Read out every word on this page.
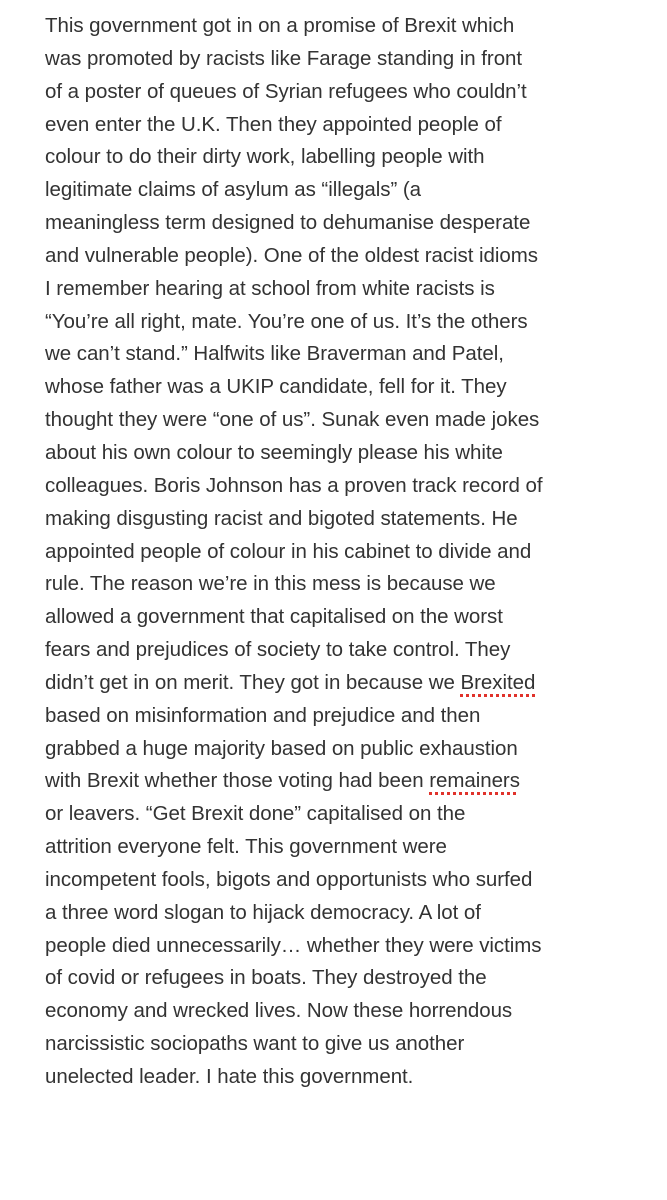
This government got in on a promise of Brexit which
was promoted by racists like Farage standing in front
of a poster of queues of Syrian refugees who couldn’t
even enter the U.K. Then they appointed people of
colour to do their dirty work, labelling people with
legitimate claims of asylum as “illegals” (a
meaningless term designed to dehumanise desperate
and vulnerable people). One of the oldest racist idioms
I remember hearing at school from white racists is
“You’re all right, mate. You’re one of us. It’s the others
we can’t stand.” Halfwits like Braverman and Patel,
whose father was a UKIP candidate, fell for it. They
thought they were “one of us”. Sunak even made jokes
about his own colour to seemingly please his white
colleagues. Boris Johnson has a proven track record of
making disgusting racist and bigoted statements. He
appointed people of colour in his cabinet to divide and
rule. The reason we’re in this mess is because we
allowed a government that capitalised on the worst
fears and prejudices of society to take control. They
didn’t get in on merit. They got in because we Brexited
based on misinformation and prejudice and then
grabbed a huge majority based on public exhaustion
with Brexit whether those voting had been remainers
or leavers. “Get Brexit done” capitalised on the
attrition everyone felt. This government were
incompetent fools, bigots and opportunists who surfed
a three word slogan to hijack democracy. A lot of
people died unnecessarily… whether they were victims
of covid or refugees in boats. They destroyed the
economy and wrecked lives. Now these horrendous
narcissistic sociopaths want to give us another
unelected leader. I hate this government.
